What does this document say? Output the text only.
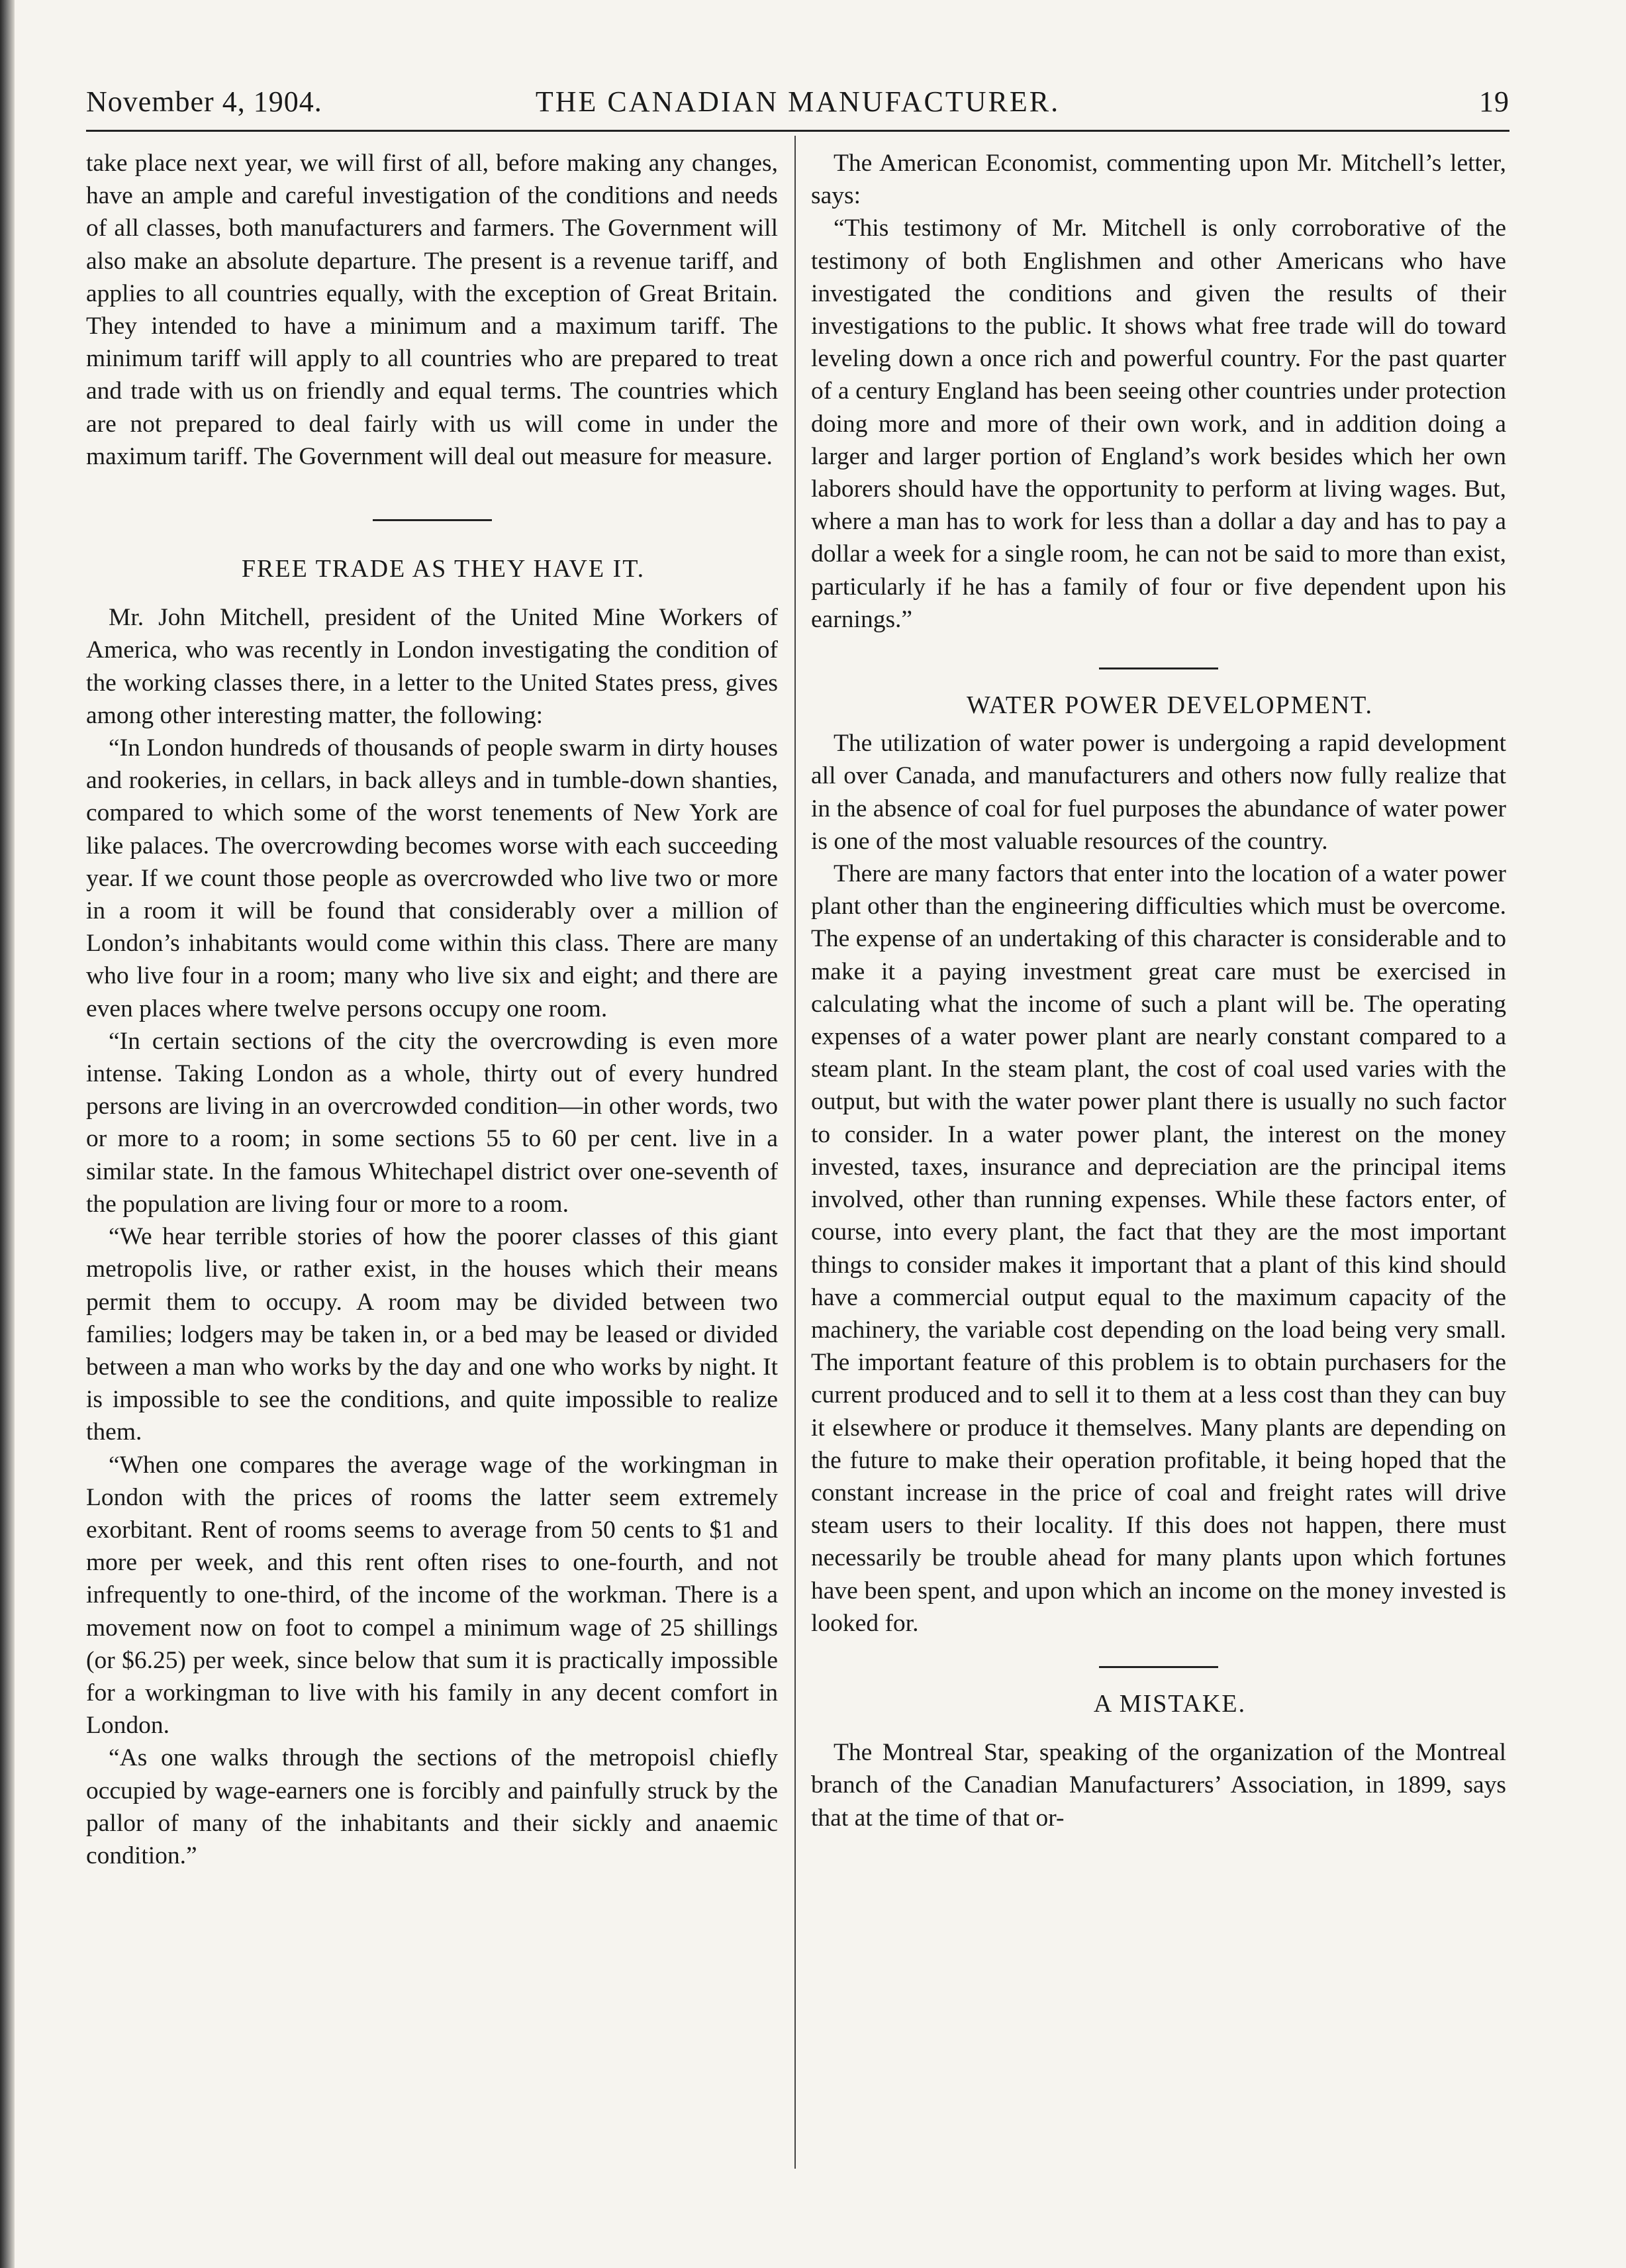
November 4, 1904.	THE CANADIAN MANUFACTURER.	19

take place next year, we will first of all, before making any changes, have an ample and careful investigation of the conditions and needs of all classes, both manufacturers and farmers. The Government will also make an absolute departure. The present is a revenue tariff, and applies to all countries equally, with the exception of Great Britain. They intended to have a minimum and a maximum tariff. The minimum tariff will apply to all countries who are prepared to treat and trade with us on friendly and equal terms. The countries which are not prepared to deal fairly with us will come in under the maximum tariff. The Government will deal out measure for measure.

FREE TRADE AS THEY HAVE IT.

Mr. John Mitchell, president of the United Mine Workers of America, who was recently in London investigating the condition of the working classes there, in a letter to the United States press, gives among other interesting matter, the following:

“In London hundreds of thousands of people swarm in dirty houses and rookeries, in cellars, in back alleys and in tumble-down shanties, compared to which some of the worst tenements of New York are like palaces. The overcrowding becomes worse with each succeeding year. If we count those people as overcrowded who live two or more in a room it will be found that considerably over a million of London’s inhabitants would come within this class. There are many who live four in a room; many who live six and eight; and there are even places where twelve persons occupy one room.

“In certain sections of the city the overcrowding is even more intense. Taking London as a whole, thirty out of every hundred persons are living in an overcrowded condition—in other words, two or more to a room; in some sections 55 to 60 per cent. live in a similar state. In the famous Whitechapel district over one-seventh of the population are living four or more to a room.

“We hear terrible stories of how the poorer classes of this giant metropolis live, or rather exist, in the houses which their means permit them to occupy. A room may be divided between two families; lodgers may be taken in, or a bed may be leased or divided between a man who works by the day and one who works by night. It is impossible to see the conditions, and quite impossible to realize them.

“When one compares the average wage of the workingman in London with the prices of rooms the latter seem extremely exorbitant. Rent of rooms seems to average from 50 cents to $1 and more per week, and this rent often rises to one-fourth, and not infrequently to one-third, of the income of the workman. There is a movement now on foot to compel a minimum wage of 25 shillings (or $6.25) per week, since below that sum it is practically impossible for a workingman to live with his family in any decent comfort in London.

“As one walks through the sections of the metropoisl chiefly occupied by wage-earners one is forcibly and painfully struck by the pallor of many of the inhabitants and their sickly and anaemic condition.”

The American Economist, commenting upon Mr. Mitchell’s letter, says:

“This testimony of Mr. Mitchell is only corroborative of the testimony of both Englishmen and other Americans who have investigated the conditions and given the results of their investigations to the public. It shows what free trade will do toward leveling down a once rich and powerful country. For the past quarter of a century England has been seeing other countries under protection doing more and more of their own work, and in addition doing a larger and larger portion of England’s work besides which her own laborers should have the opportunity to perform at living wages. But, where a man has to work for less than a dollar a day and has to pay a dollar a week for a single room, he can not be said to more than exist, particularly if he has a family of four or five dependent upon his earnings.”

WATER POWER DEVELOPMENT.

The utilization of water power is undergoing a rapid development all over Canada, and manufacturers and others now fully realize that in the absence of coal for fuel purposes the abundance of water power is one of the most valuable resources of the country.

There are many factors that enter into the location of a water power plant other than the engineering difficulties which must be overcome. The expense of an undertaking of this character is considerable and to make it a paying investment great care must be exercised in calculating what the income of such a plant will be. The operating expenses of a water power plant are nearly constant compared to a steam plant. In the steam plant, the cost of coal used varies with the output, but with the water power plant there is usually no such factor to consider. In a water power plant, the interest on the money invested, taxes, insurance and depreciation are the principal items involved, other than running expenses. While these factors enter, of course, into every plant, the fact that they are the most important things to consider makes it important that a plant of this kind should have a commercial output equal to the maximum capacity of the machinery, the variable cost depending on the load being very small. The important feature of this problem is to obtain purchasers for the current produced and to sell it to them at a less cost than they can buy it elsewhere or produce it themselves. Many plants are depending on the future to make their operation profitable, it being hoped that the constant increase in the price of coal and freight rates will drive steam users to their locality. If this does not happen, there must necessarily be trouble ahead for many plants upon which fortunes have been spent, and upon which an income on the money invested is looked for.

A MISTAKE.

The Montreal Star, speaking of the organization of the Montreal branch of the Canadian Manufacturers’ Association, in 1899, says that at the time of that or-
